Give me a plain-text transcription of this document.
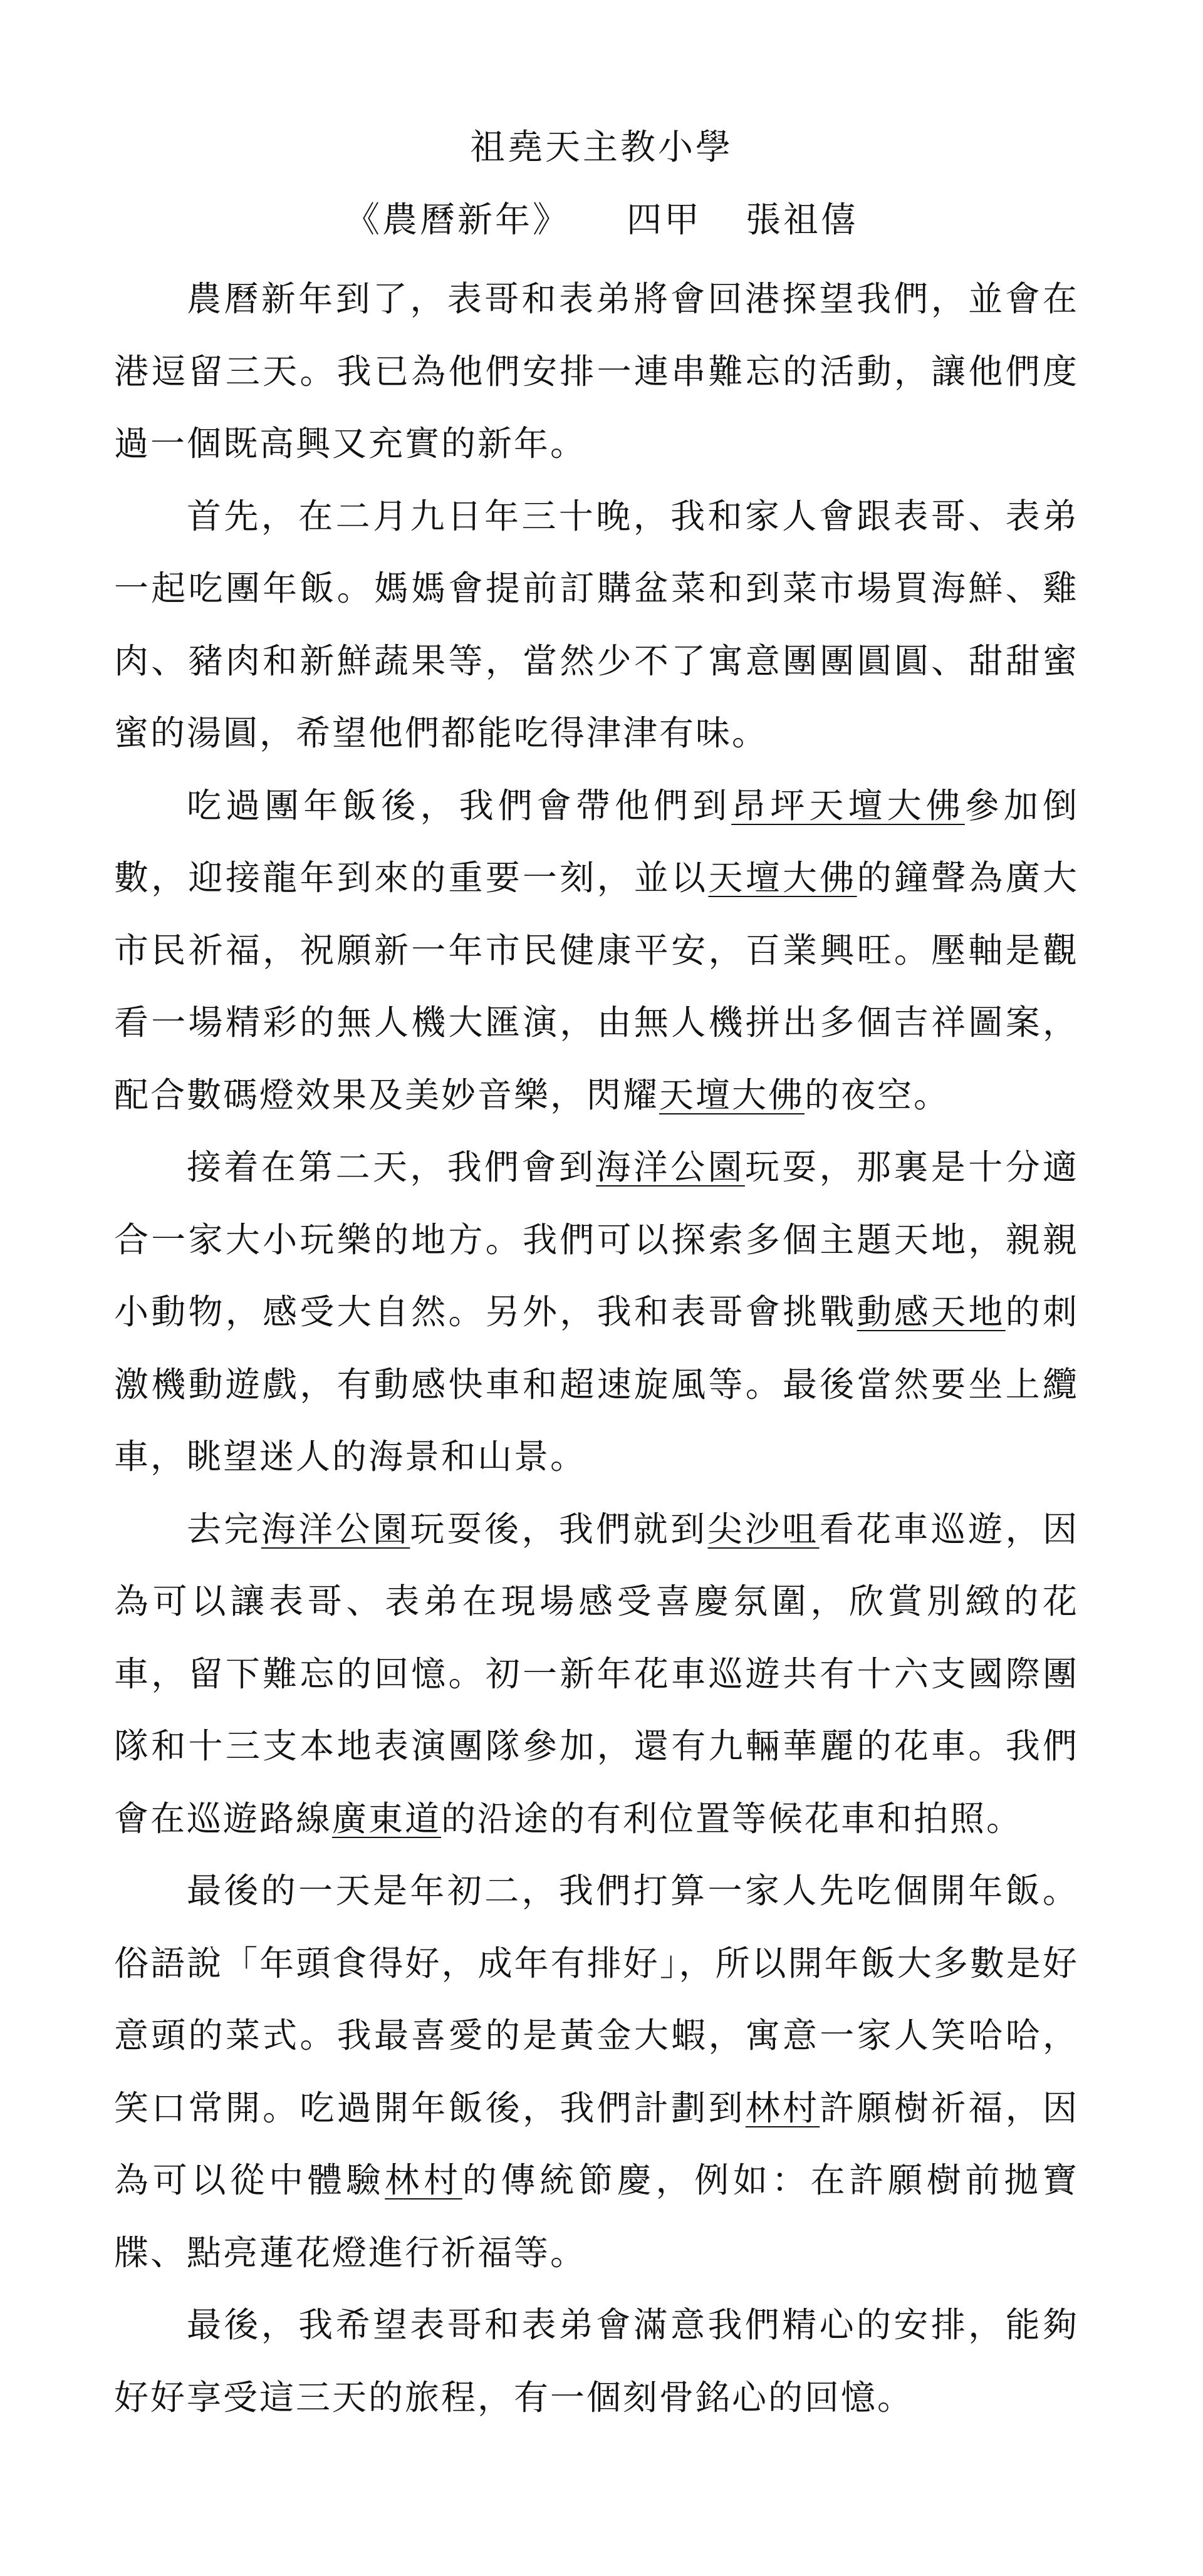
祖堯天主教小學
《農曆新年》 四甲 張祖僖

農曆新年到了，表哥和表弟將會回港探望我們，並會在港逗留三天。我已為他們安排一連串難忘的活動，讓他們度過一個既高興又充實的新年。

首先，在二月九日年三十晚，我和家人會跟表哥、表弟一起吃團年飯。媽媽會提前訂購盆菜和到菜市場買海鮮、雞肉、豬肉和新鮮蔬果等，當然少不了寓意團團圓圓、甜甜蜜蜜的湯圓，希望他們都能吃得津津有味。

吃過團年飯後，我們會帶他們到昂坪天壇大佛參加倒數，迎接龍年到來的重要一刻，並以天壇大佛的鐘聲為廣大市民祈福，祝願新一年市民健康平安，百業興旺。壓軸是觀看一場精彩的無人機大匯演，由無人機拼出多個吉祥圖案，配合數碼燈效果及美妙音樂，閃耀天壇大佛的夜空。

接着在第二天，我們會到海洋公園玩耍，那裏是十分適合一家大小玩樂的地方。我們可以探索多個主題天地，親親小動物，感受大自然。另外，我和表哥會挑戰動感天地的刺激機動遊戲，有動感快車和超速旋風等。最後當然要坐上纜車，眺望迷人的海景和山景。

去完海洋公園玩耍後，我們就到尖沙咀看花車巡遊，因為可以讓表哥、表弟在現場感受喜慶氛圍，欣賞別緻的花車，留下難忘的回憶。初一新年花車巡遊共有十六支國際團隊和十三支本地表演團隊參加，還有九輛華麗的花車。我們會在巡遊路線廣東道的沿途的有利位置等候花車和拍照。

最後的一天是年初二，我們打算一家人先吃個開年飯。俗語說「年頭食得好，成年有排好」，所以開年飯大多數是好意頭的菜式。我最喜愛的是黃金大蝦，寓意一家人笑哈哈，笑口常開。吃過開年飯後，我們計劃到林村許願樹祈福，因為可以從中體驗林村的傳統節慶，例如：在許願樹前拋寶牒、點亮蓮花燈進行祈福等。

最後，我希望表哥和表弟會滿意我們精心的安排，能夠好好享受這三天的旅程，有一個刻骨銘心的回憶。
